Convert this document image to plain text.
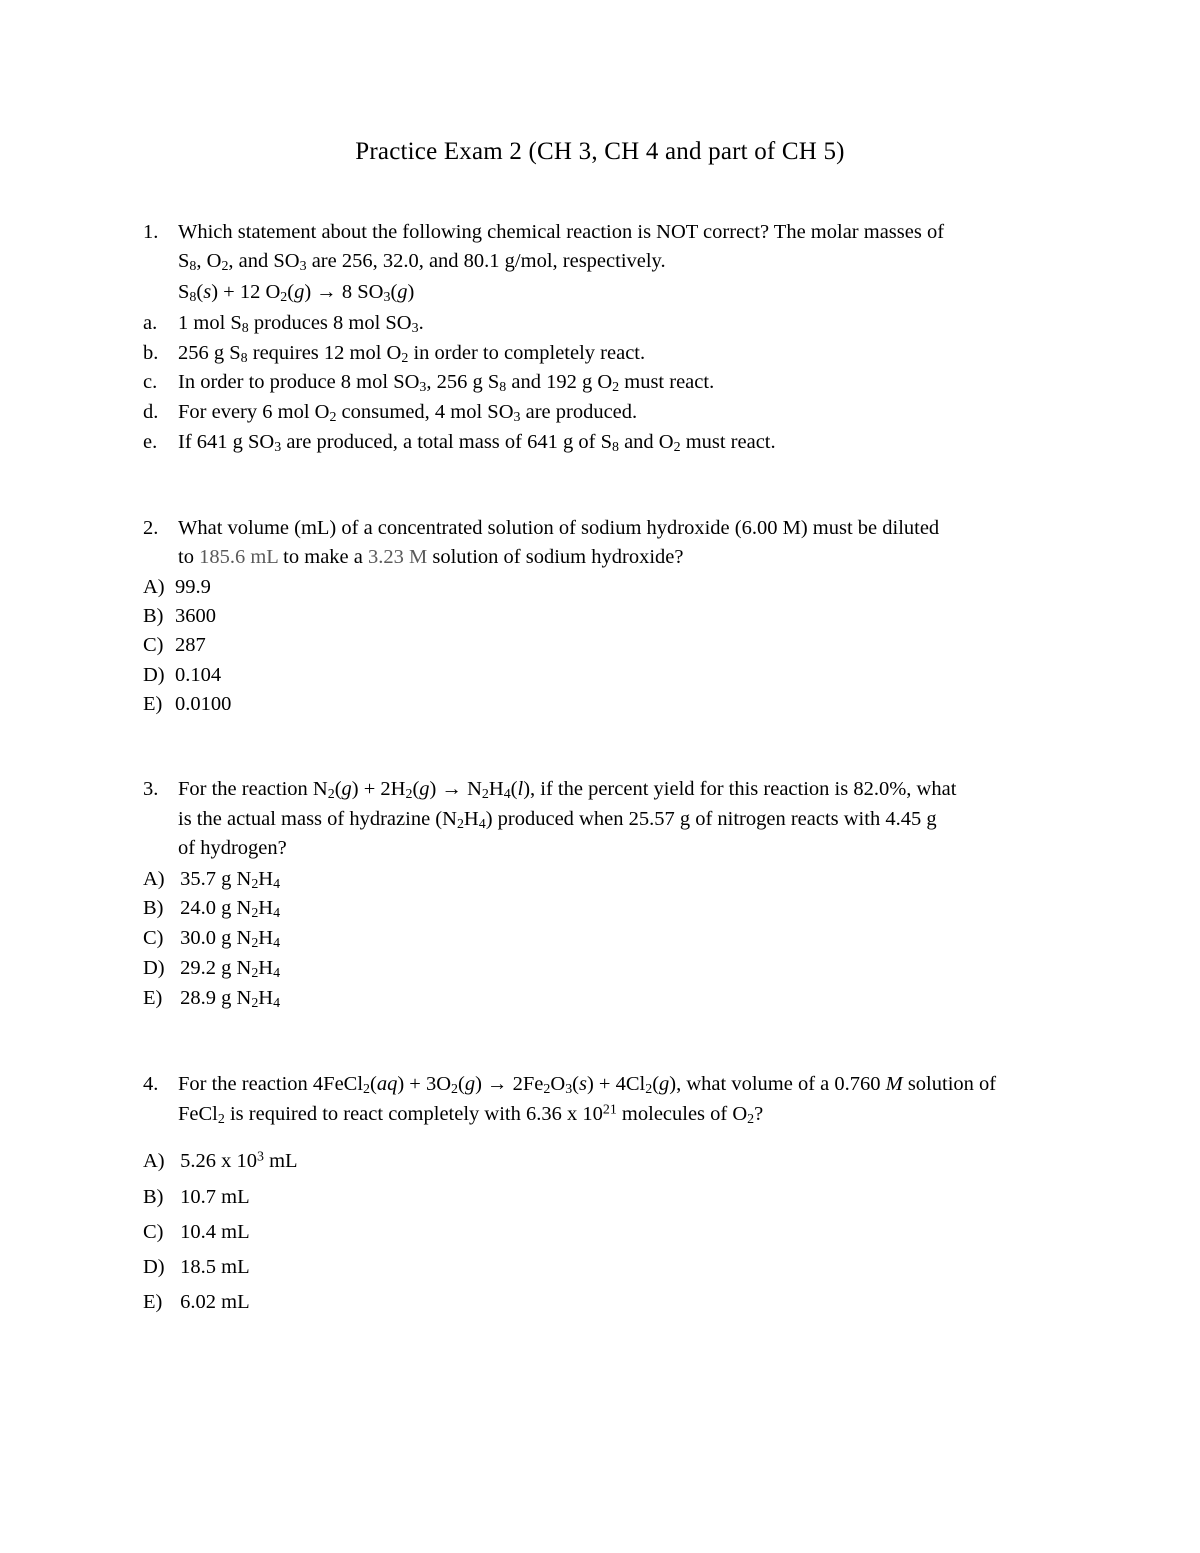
Practice Exam 2 (CH 3, CH 4 and part of CH 5)
1. Which statement about the following chemical reaction is NOT correct? The molar masses of
$S_8$, $O_2$, and $SO_3$ are 256, 32.0, and 80.1 g/mol, respectively.
$S_8(s) + 12$ $O_2(g) \to 8$ $SO_3(g)$
a.	1 mol $S_8$ produces 8 mol $SO_3$.
b. 256 g $S_8$ requires 12 mol $O_2$ in order to completely react.
c.	In order to produce 8 mol $SO_3$, 256 g $S_8$ and 192 g $O_2$ must react.
d. For every 6 mol $O_2$ consumed, 4 mol $SO_3$ are produced.
e.	If 641 g $SO_3$ are produced, a total mass of 641 g of $S_8$ and $O_2$ must react.
2. What volume (mL) of a concentrated solution of sodium hydroxide (6.00 M) must be diluted
to 185.6 mL to make a 3.23 M solution of sodium hydroxide?
A) 99.9
B) 3600
C) 287
D) 0.104
E) 0.0100
3. For the reaction $N_2(g) + 2H_2(g) \to N_2H_4(l)$, if the percent yield for this reaction is 82.0%, what
is the actual mass of hydrazine $(N_2H_4)$ produced when 25.57 g of nitrogen reacts with 4.45 g
of hydrogen?
A) 35.7 g $N_2H_4$
B) 24.0 g $N_2H_4$
C) 30.0 g $N_2H_4$
D) 29.2 g $N_2H_4$
E) 28.9 g $N_2H_4$
4. For the reaction 4FeCl$_2$(aq) + $3O_2(g) \to 2Fe_2O_3(s) + 4Cl_2(g)$, what volume of a 0.760 M solution of
FeCl$_2$ is required to react completely with 6.36 x $10^{21}$ molecules of $O_2$?
A) 5.26 x $10^3$ mL
B) 10.7 mL
C) 10.4 mL
D) 18.5 mL
E) 6.02 mL
